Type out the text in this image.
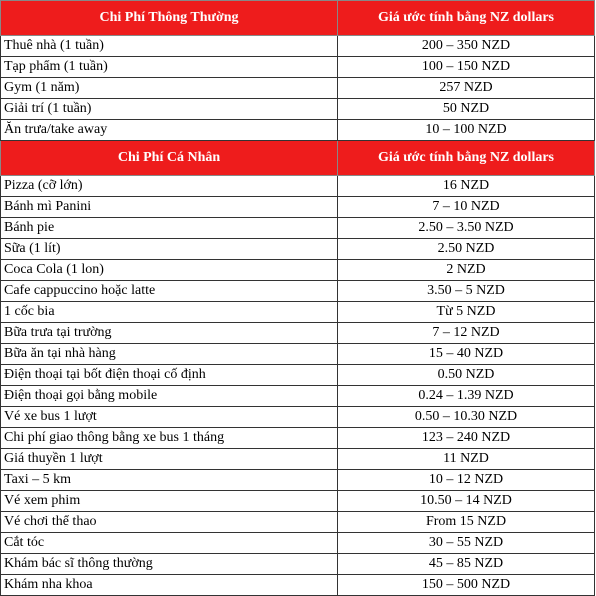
Chi Phí Thông Thường	Giá ước tính bằng NZ dollars
Thuê nhà (1 tuần)	200 – 350 NZD
Tạp phẩm (1 tuần)	100 – 150 NZD
Gym (1 năm)	257 NZD
Giải trí (1 tuần)	50 NZD
Ăn trưa/take away	10 – 100 NZD
Chi Phí Cá Nhân	Giá ước tính bằng NZ dollars
Pizza (cỡ lớn)	16 NZD
Bánh mì Panini	7 – 10 NZD
Bánh pie	2.50 – 3.50 NZD
Sữa (1 lít)	2.50 NZD
Coca Cola (1 lon)	2 NZD
Cafe cappuccino hoặc latte	3.50 – 5 NZD
1 cốc bia	Từ 5 NZD
Bữa trưa tại trường	7 – 12 NZD
Bữa ăn tại nhà hàng	15 – 40 NZD
Điện thoại tại bốt điện thoại cố định	0.50 NZD
Điện thoại gọi bằng mobile	0.24 – 1.39 NZD
Vé xe bus 1 lượt	0.50 – 10.30 NZD
Chi phí giao thông bằng xe bus 1 tháng	123 – 240 NZD
Giá thuyền 1 lượt	11 NZD
Taxi – 5 km	10 – 12 NZD
Vé xem phim	10.50 – 14 NZD
Vé chơi thể thao	From 15 NZD
Cắt tóc	30 – 55 NZD
Khám bác sĩ thông thường	45 – 85 NZD
Khám nha khoa	150 – 500 NZD
